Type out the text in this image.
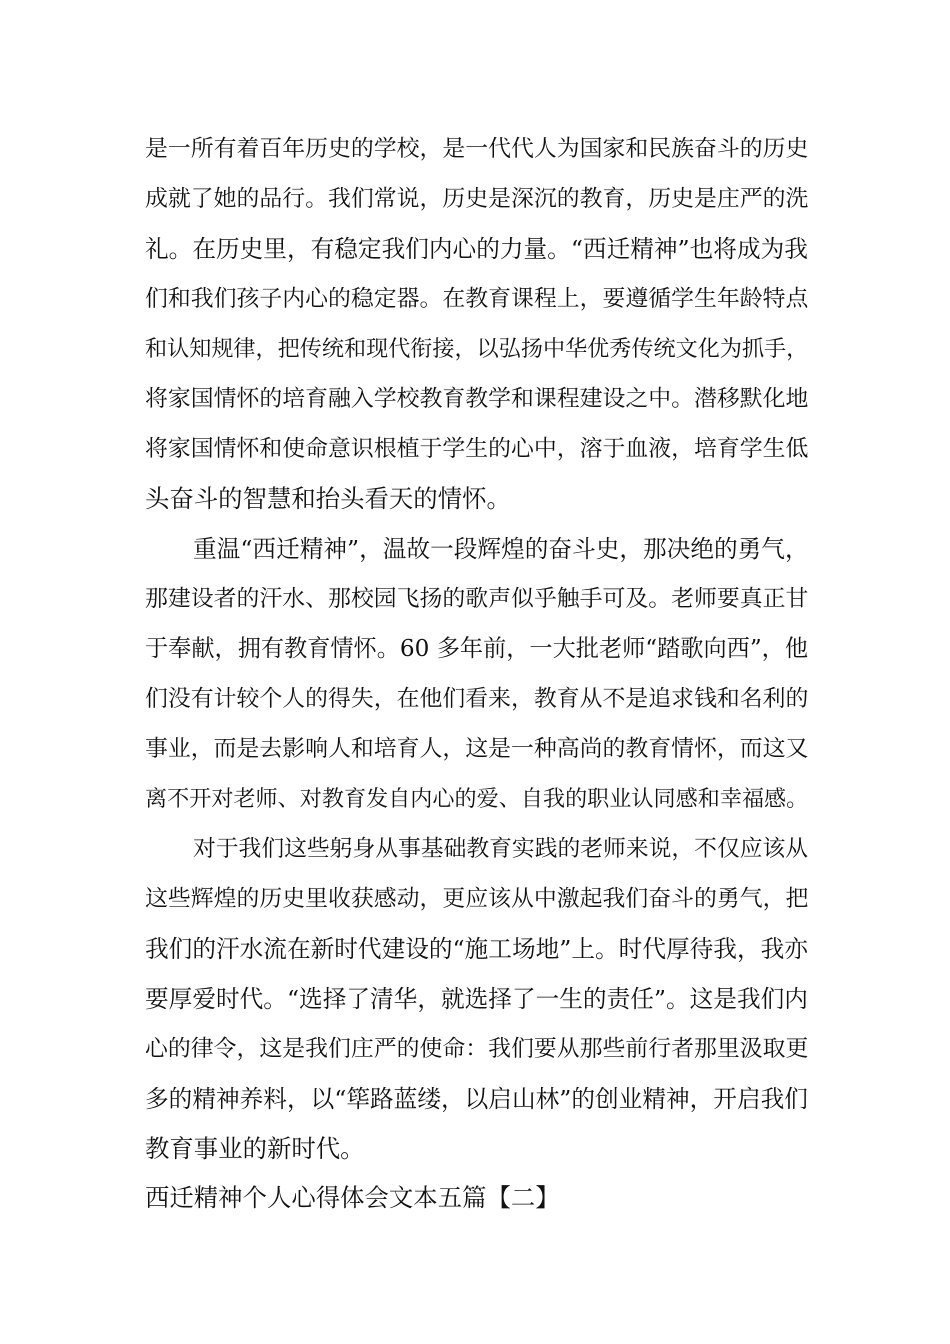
是一所有着百年历史的学校，是一代代人为国家和民族奋斗的历史
成就了她的品行。我们常说，历史是深沉的教育，历史是庄严的洗
礼。在历史里，有稳定我们内心的力量。“西迁精神”也将成为我
们和我们孩子内心的稳定器。在教育课程上，要遵循学生年龄特点
和认知规律，把传统和现代衔接，以弘扬中华优秀传统文化为抓手，
将家国情怀的培育融入学校教育教学和课程建设之中。潜移默化地
将家国情怀和使命意识根植于学生的心中，溶于血液，培育学生低
头奋斗的智慧和抬头看天的情怀。
重温“西迁精神”，温故一段辉煌的奋斗史，那决绝的勇气，
那建设者的汗水、那校园飞扬的歌声似乎触手可及。老师要真正甘
于奉献，拥有教育情怀。60 多年前，一大批老师“踏歌向西”，他
们没有计较个人的得失，在他们看来，教育从不是追求钱和名利的
事业，而是去影响人和培育人，这是一种高尚的教育情怀，而这又
离不开对老师、对教育发自内心的爱、自我的职业认同感和幸福感。
对于我们这些躬身从事基础教育实践的老师来说，不仅应该从
这些辉煌的历史里收获感动，更应该从中激起我们奋斗的勇气，把
我们的汗水流在新时代建设的“施工场地”上。时代厚待我，我亦
要厚爱时代。“选择了清华，就选择了一生的责任”。这是我们内
心的律令，这是我们庄严的使命：我们要从那些前行者那里汲取更
多的精神养料，以“筚路蓝缕，以启山林”的创业精神，开启我们
教育事业的新时代。
西迁精神个人心得体会文本五篇【二】
